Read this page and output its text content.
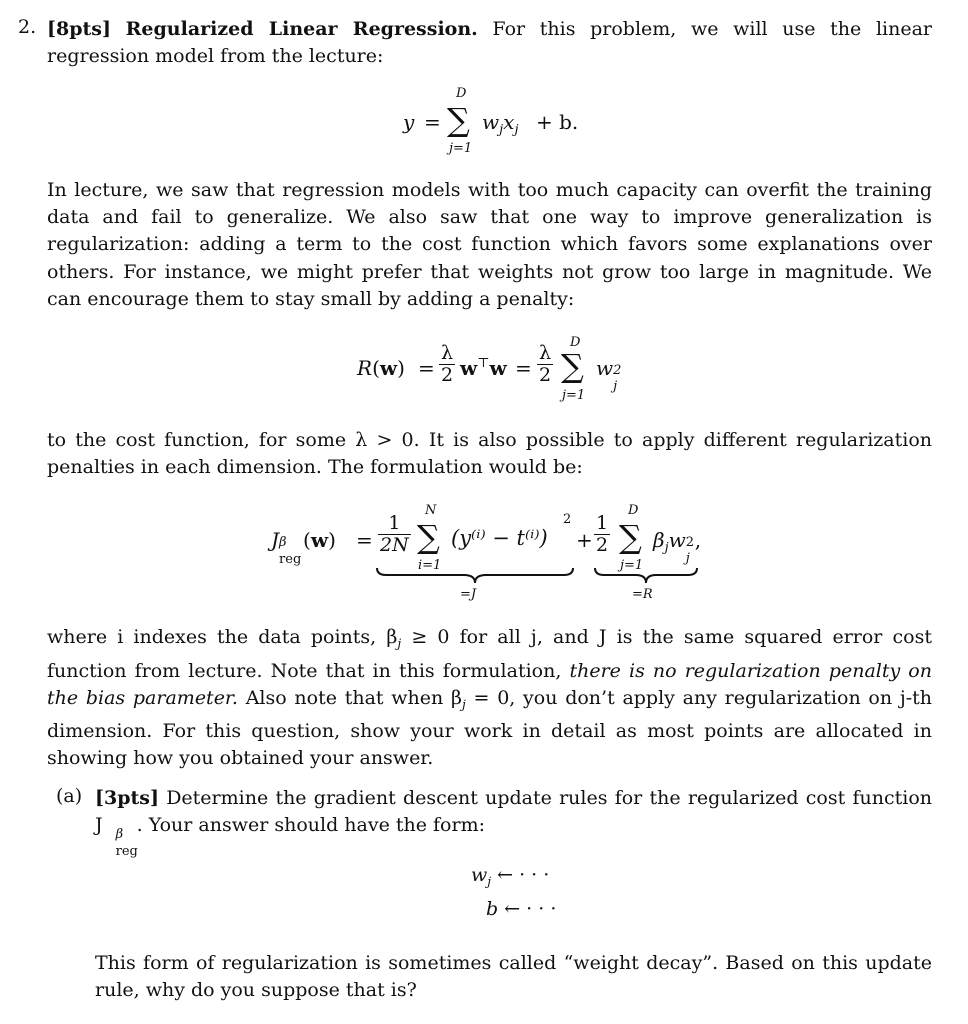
2. [8pts] Regularized Linear Regression. For this problem, we will use the linear regression model from the lecture:
y =
D
∑
j=1
$w_jx_j + b$.
In lecture, we saw that regression models with too much capacity can overfit the training data and fail to generalize. We also saw that one way to improve generalization is regularization: adding a term to the cost function which favors some explanations over others. For instance, we might prefer that weights not grow too large in magnitude. We can encourage them to stay small by adding a penalty:
$R(w) = \frac{\lambda}{2} w^⊤w = \frac{\lambda}{2}$
D
∑
j=1
w 2
j
to the cost function, for some λ > 0. It is also possible to apply different regularization penalties in each dimension. The formulation would be:
J β
reg
$(w) = \frac{1}{2N}$
N
∑
i=1
(y⁽ⁱ⁾ − t⁽ⁱ⁾)
2
+ $\frac{1}{2}$
D
∑
j=1
$\beta_jw$ 2
j
,
=J	=R
where i indexes the data points, $\beta_j \ge 0$ for all j, and J is the same squared error cost function from lecture. Note that in this formulation, there is no regularization penalty on the bias parameter. Also note that when $\beta_j = 0$, you don’t apply any regularization on j-th dimension. For this question, show your work in detail as most points are allocated in showing how you obtained your answer.
(a) [3pts] Determine the gradient descent update rules for the regularized cost function J β
reg
. Your answer should have the form:
$w_j$ ← · · ·
b ← · · ·
This form of regularization is sometimes called “weight decay”. Based on this update rule, why do you suppose that is?
